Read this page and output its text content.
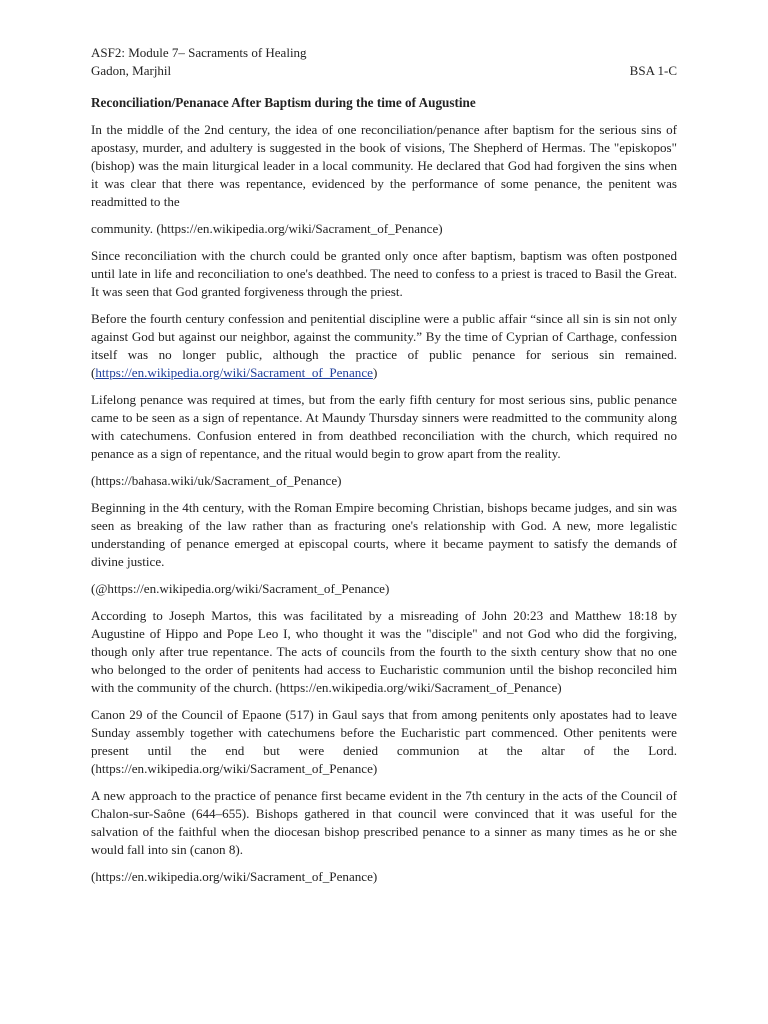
ASF2: Module 7– Sacraments of Healing
Gadon, Marjhil	BSA 1-C
Reconciliation/Penanace After Baptism during the time of Augustine

In the middle of the 2nd century, the idea of one reconciliation/penance after baptism for the serious sins of apostasy, murder, and adultery is suggested in the book of visions, The Shepherd of Hermas. The "episkopos" (bishop) was the main liturgical leader in a local community. He declared that God had forgiven the sins when it was clear that there was repentance, evidenced by the performance of some penance, the penitent was readmitted to the

community. (https://en.wikipedia.org/wiki/Sacrament_of_Penance)

Since reconciliation with the church could be granted only once after baptism, baptism was often postponed until late in life and reconciliation to one's deathbed. The need to confess to a priest is traced to Basil the Great. It was seen that God granted forgiveness through the priest.

Before the fourth century confession and penitential discipline were a public affair “since all sin is sin not only against God but against our neighbor, against the community.” By the time of Cyprian of Carthage, confession itself was no longer public, although the practice of public penance for serious sin remained. (https://en.wikipedia.org/wiki/Sacrament_of_Penance)

Lifelong penance was required at times, but from the early fifth century for most serious sins, public penance came to be seen as a sign of repentance. At Maundy Thursday sinners were readmitted to the community along with catechumens. Confusion entered in from deathbed reconciliation with the church, which required no penance as a sign of repentance, and the ritual would begin to grow apart from the reality.

(https://bahasa.wiki/uk/Sacrament_of_Penance)

Beginning in the 4th century, with the Roman Empire becoming Christian, bishops became judges, and sin was seen as breaking of the law rather than as fracturing one's relationship with God. A new, more legalistic understanding of penance emerged at episcopal courts, where it became payment to satisfy the demands of divine justice.

(@https://en.wikipedia.org/wiki/Sacrament_of_Penance)

According to Joseph Martos, this was facilitated by a misreading of John 20:23 and Matthew 18:18 by Augustine of Hippo and Pope Leo I, who thought it was the "disciple" and not God who did the forgiving, though only after true repentance. The acts of councils from the fourth to the sixth century show that no one who belonged to the order of penitents had access to Eucharistic communion until the bishop reconciled him with the community of the church. (https://en.wikipedia.org/wiki/Sacrament_of_Penance)

Canon 29 of the Council of Epaone (517) in Gaul says that from among penitents only apostates had to leave Sunday assembly together with catechumens before the Eucharistic part commenced. Other penitents were present until the end but were denied communion at the altar of the Lord. (https://en.wikipedia.org/wiki/Sacrament_of_Penance)

A new approach to the practice of penance first became evident in the 7th century in the acts of the Council of Chalon-sur-Saône (644–655). Bishops gathered in that council were convinced that it was useful for the salvation of the faithful when the diocesan bishop prescribed penance to a sinner as many times as he or she would fall into sin (canon 8).

(https://en.wikipedia.org/wiki/Sacrament_of_Penance)
